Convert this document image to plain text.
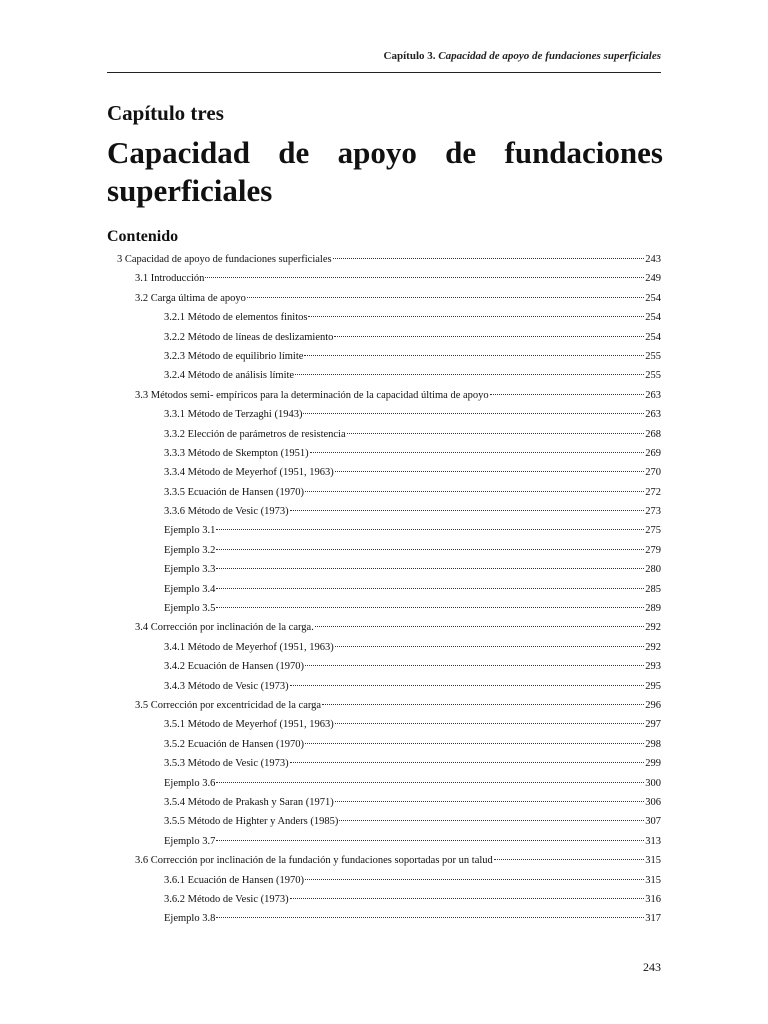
Capítulo 3. Capacidad de apoyo de fundaciones superficiales
Capítulo tres
Capacidad de apoyo de fundaciones superficiales
Contenido
3 Capacidad de apoyo de fundaciones superficiales	243
3.1 Introducción	249
3.2 Carga última de apoyo	254
3.2.1 Método de elementos finitos	254
3.2.2 Método de líneas de deslizamiento	254
3.2.3 Método de equilibrio límite	255
3.2.4 Método de análisis límite	255
3.3 Métodos semi- empíricos para la determinación de la capacidad última de apoyo	263
3.3.1 Método de Terzaghi (1943)	263
3.3.2 Elección de parámetros de resistencia	268
3.3.3 Método de Skempton (1951)	269
3.3.4 Método de Meyerhof (1951, 1963)	270
3.3.5 Ecuación de Hansen (1970)	272
3.3.6 Método de Vesic (1973)	273
Ejemplo 3.1	275
Ejemplo 3.2	279
Ejemplo 3.3	280
Ejemplo 3.4	285
Ejemplo 3.5	289
3.4 Corrección por inclinación de la carga.	292
3.4.1 Método de Meyerhof (1951, 1963)	292
3.4.2 Ecuación de Hansen (1970)	293
3.4.3 Método de Vesic (1973)	295
3.5 Corrección por excentricidad de la carga	296
3.5.1 Método de Meyerhof (1951, 1963)	297
3.5.2 Ecuación de Hansen (1970)	298
3.5.3 Método de Vesic (1973)	299
Ejemplo 3.6	300
3.5.4 Método de Prakash y Saran (1971)	306
3.5.5 Método de Highter y Anders (1985)	307
Ejemplo 3.7	313
3.6 Corrección por inclinación de la fundación y fundaciones soportadas por un talud	315
3.6.1 Ecuación de Hansen (1970)	315
3.6.2 Método de Vesic (1973)	316
Ejemplo 3.8	317
243
